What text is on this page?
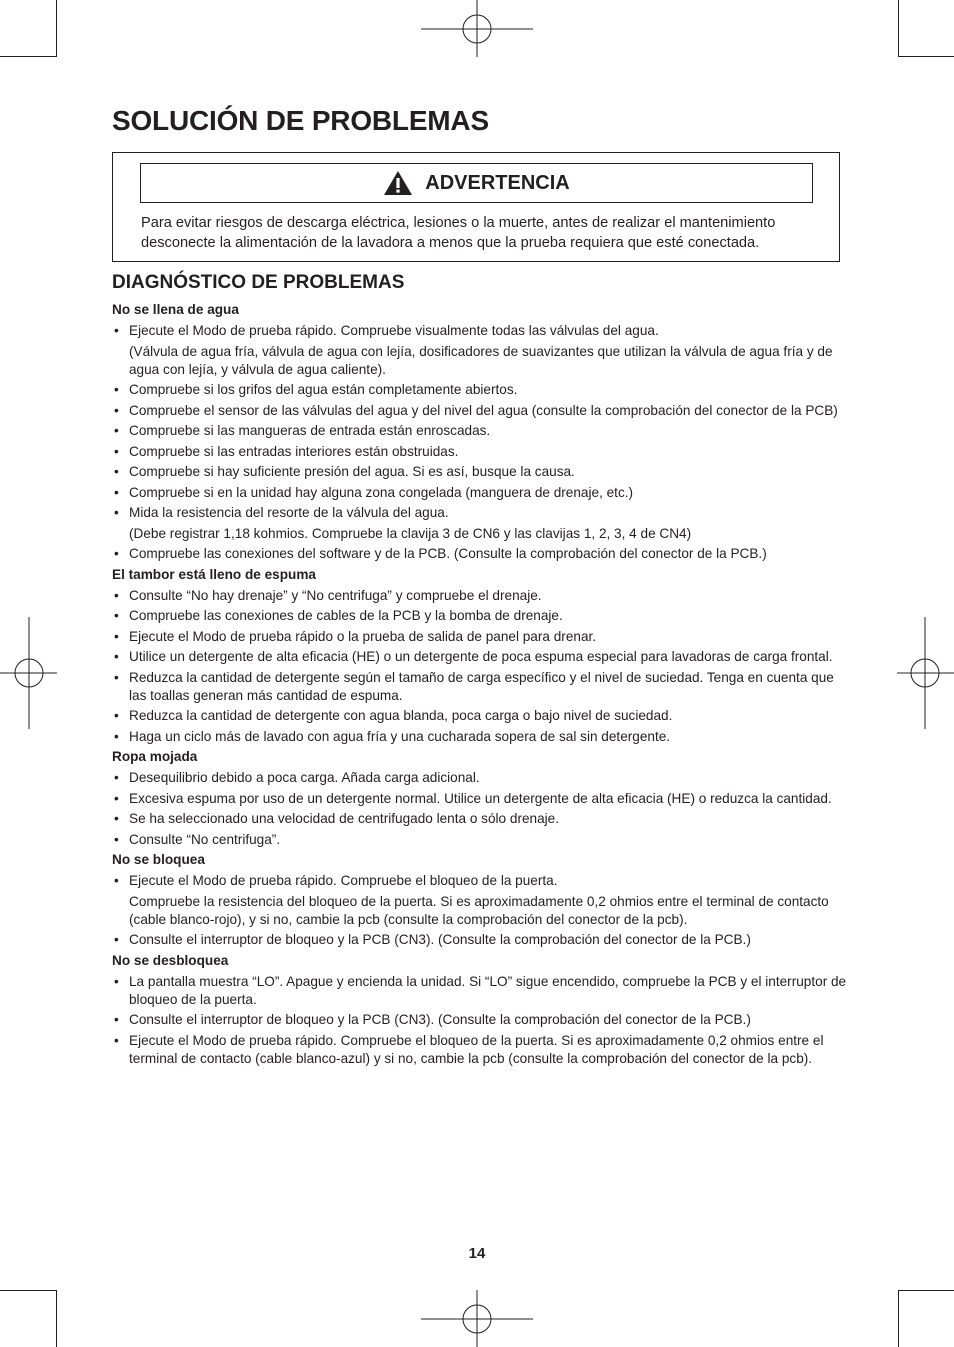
SOLUCIÓN DE PROBLEMAS
ADVERTENCIA
Para evitar riesgos de descarga eléctrica, lesiones o la muerte, antes de realizar el mantenimiento desconecte la alimentación de la lavadora a menos que la prueba requiera que esté conectada.
DIAGNÓSTICO DE PROBLEMAS
No se llena de agua
• Ejecute el Modo de prueba rápido. Compruebe visualmente todas las válvulas del agua.
(Válvula de agua fría, válvula de agua con lejía, dosificadores de suavizantes que utilizan la válvula de agua fría y de agua con lejía, y válvula de agua caliente).
• Compruebe si los grifos del agua están completamente abiertos.
• Compruebe el sensor de las válvulas del agua y del nivel del agua (consulte la comprobación del conector de la PCB)
• Compruebe si las mangueras de entrada están enroscadas.
• Compruebe si las entradas interiores están obstruidas.
• Compruebe si hay suficiente presión del agua. Si es así, busque la causa.
• Compruebe si en la unidad hay alguna zona congelada (manguera de drenaje, etc.)
• Mida la resistencia del resorte de la válvula del agua.
(Debe registrar 1,18 kohmios. Compruebe la clavija 3 de CN6 y las clavijas 1, 2, 3, 4 de CN4)
• Compruebe las conexiones del software y de la PCB. (Consulte la comprobación del conector de la PCB.)
El tambor está lleno de espuma
• Consulte “No hay drenaje” y “No centrifuga” y compruebe el drenaje.
• Compruebe las conexiones de cables de la PCB y la bomba de drenaje.
• Ejecute el Modo de prueba rápido o la prueba de salida de panel para drenar.
• Utilice un detergente de alta eficacia (HE) o un detergente de poca espuma especial para lavadoras de carga frontal.
• Reduzca la cantidad de detergente según el tamaño de carga específico y el nivel de suciedad. Tenga en cuenta que las toallas generan más cantidad de espuma.
• Reduzca la cantidad de detergente con agua blanda, poca carga o bajo nivel de suciedad.
• Haga un ciclo más de lavado con agua fría y una cucharada sopera de sal sin detergente.
Ropa mojada
• Desequilibrio debido a poca carga. Añada carga adicional.
• Excesiva espuma por uso de un detergente normal. Utilice un detergente de alta eficacia (HE) o reduzca la cantidad.
• Se ha seleccionado una velocidad de centrifugado lenta o sólo drenaje.
• Consulte “No centrifuga”.
No se bloquea
• Ejecute el Modo de prueba rápido. Compruebe el bloqueo de la puerta.
Compruebe la resistencia del bloqueo de la puerta. Si es aproximadamente 0,2 ohmios entre el terminal de contacto (cable blanco-rojo), y si no, cambie la pcb (consulte la comprobación del conector de la pcb).
• Consulte el interruptor de bloqueo y la PCB (CN3). (Consulte la comprobación del conector de la PCB.)
No se desbloquea
• La pantalla muestra “LO”. Apague y encienda la unidad. Si “LO” sigue encendido, compruebe la PCB y el interruptor de bloqueo de la puerta.
• Consulte el interruptor de bloqueo y la PCB (CN3). (Consulte la comprobación del conector de la PCB.)
• Ejecute el Modo de prueba rápido. Compruebe el bloqueo de la puerta. Si es aproximadamente 0,2 ohmios entre el terminal de contacto (cable blanco-azul) y si no, cambie la pcb (consulte la comprobación del conector de la pcb).
14
